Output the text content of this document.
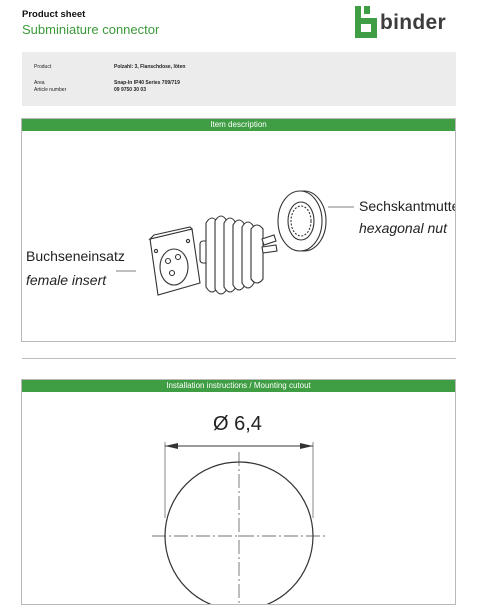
Product sheet
Subminiature connector	binder
Product	Polzahl: 3, Flanschdose, löten
Area	Snap-In IP40 Series 709/719
Article number	09 9750 30 03
Item description
Buchseneinsatz
female insert
Sechskantmutter
hexagonal nut
Installation instructions / Mounting cutout
Ø 6,4
